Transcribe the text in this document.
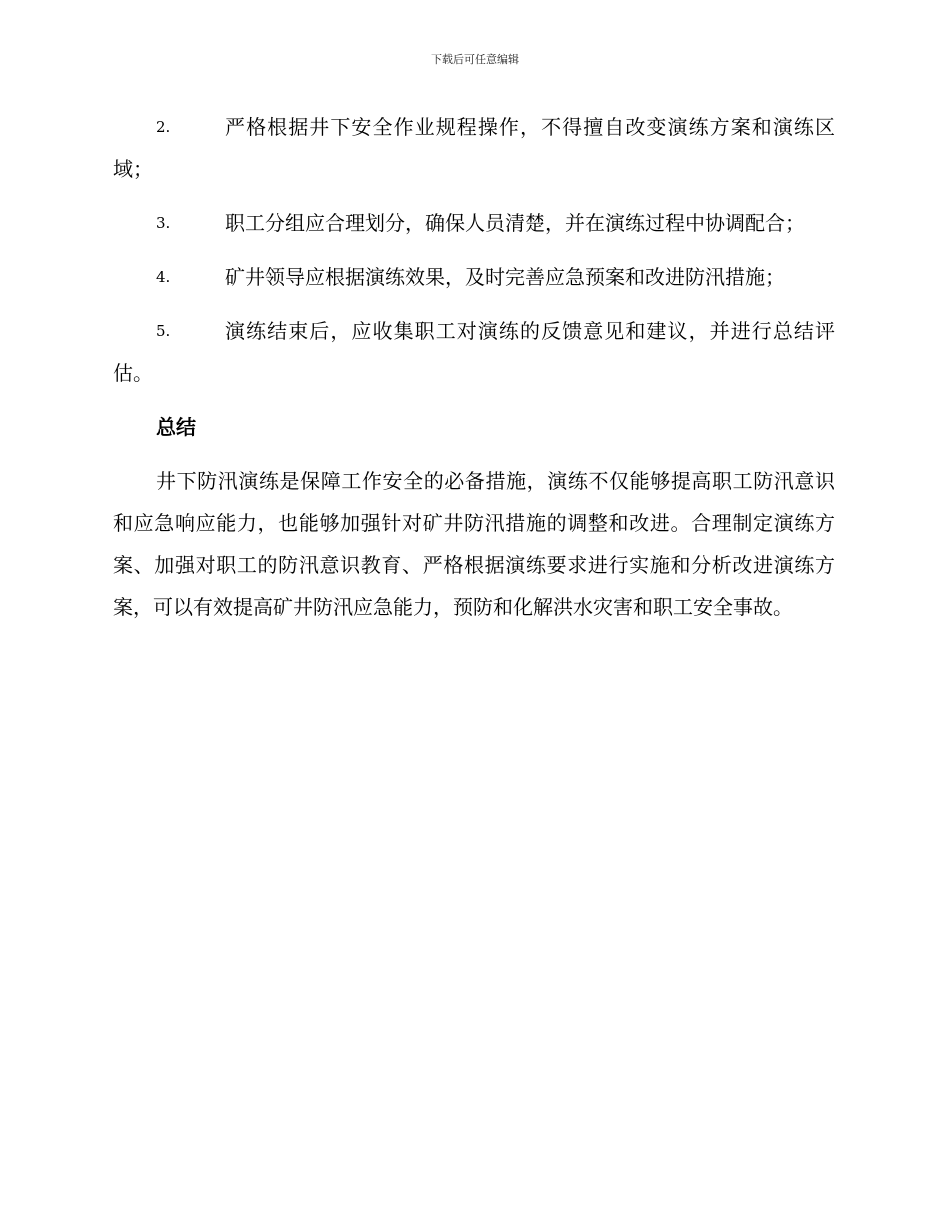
下载后可任意编辑
2.	严格根据井下安全作业规程操作，不得擅自改变演练方案和演练区域；
3.	职工分组应合理划分，确保人员清楚，并在演练过程中协调配合；
4.	矿井领导应根据演练效果，及时完善应急预案和改进防汛措施；
5.	演练结束后，应收集职工对演练的反馈意见和建议，并进行总结评估。
总结

井下防汛演练是保障工作安全的必备措施，演练不仅能够提高职工防汛意识和应急响应能力，也能够加强针对矿井防汛措施的调整和改进。合理制定演练方案、加强对职工的防汛意识教育、严格根据演练要求进行实施和分析改进演练方案，可以有效提高矿井防汛应急能力，预防和化解洪水灾害和职工安全事故。
